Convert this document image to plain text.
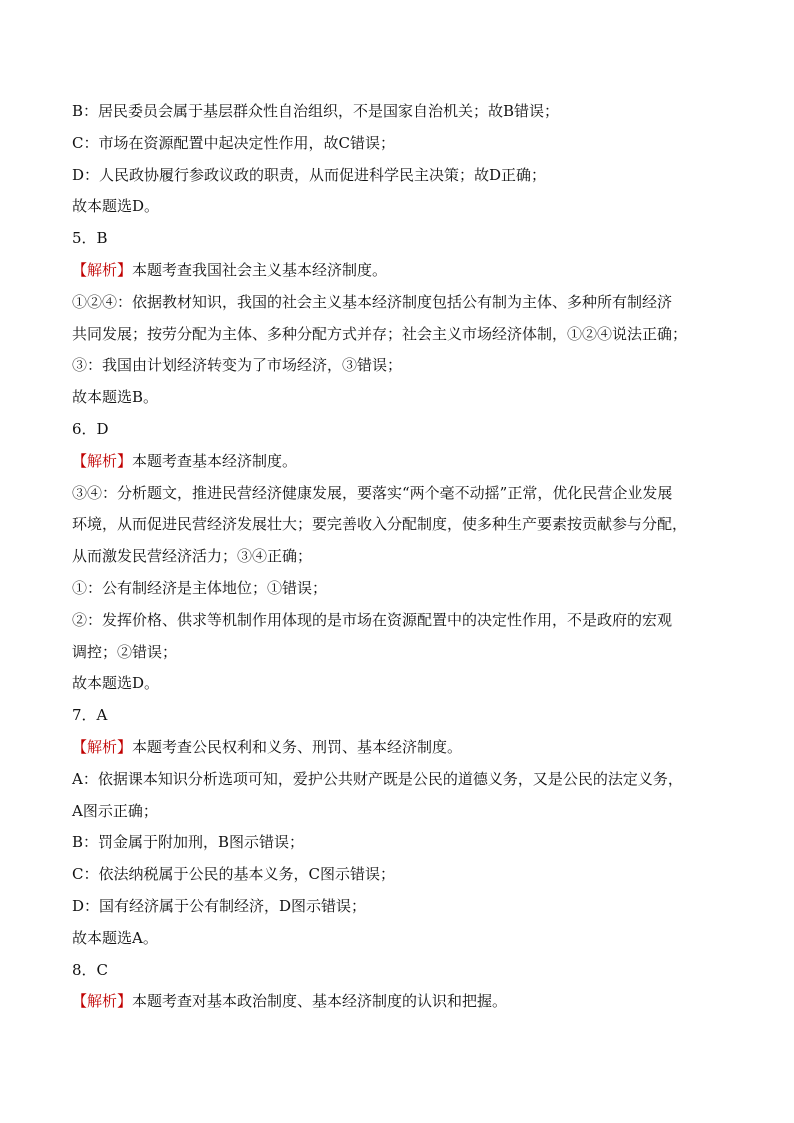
B：居民委员会属于基层群众性自治组织，不是国家自治机关；故B错误；
C：市场在资源配置中起决定性作用，故C错误；
D：人民政协履行参政议政的职责，从而促进科学民主决策；故D正确；
故本题选D。
5．B
【解析】本题考查我国社会主义基本经济制度。
①②④：依据教材知识，我国的社会主义基本经济制度包括公有制为主体、多种所有制经济
共同发展；按劳分配为主体、多种分配方式并存；社会主义市场经济体制，①②④说法正确；
③：我国由计划经济转变为了市场经济，③错误；
故本题选B。
6．D
【解析】本题考查基本经济制度。
③④：分析题文，推进民营经济健康发展，要落实“两个毫不动摇”正常，优化民营企业发展
环境，从而促进民营经济发展壮大；要完善收入分配制度，使多种生产要素按贡献参与分配，
从而激发民营经济活力；③④正确；
①：公有制经济是主体地位；①错误；
②：发挥价格、供求等机制作用体现的是市场在资源配置中的决定性作用，不是政府的宏观
调控；②错误；
故本题选D。
7．A
【解析】本题考查公民权利和义务、刑罚、基本经济制度。
A：依据课本知识分析选项可知，爱护公共财产既是公民的道德义务，又是公民的法定义务，
A图示正确；
B：罚金属于附加刑，B图示错误；
C：依法纳税属于公民的基本义务，C图示错误；
D：国有经济属于公有制经济，D图示错误；
故本题选A。
8．C
【解析】本题考查对基本政治制度、基本经济制度的认识和把握。
